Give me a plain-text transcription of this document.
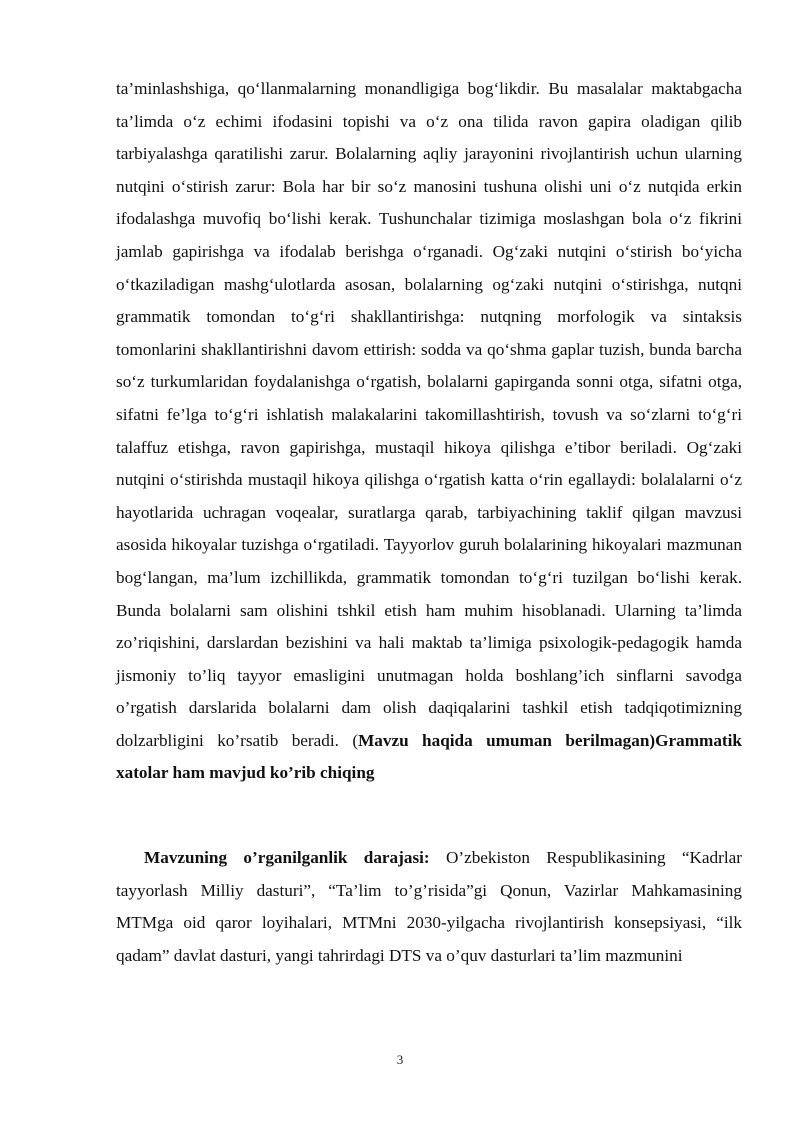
ta’minlashshiga, qo‘llanmalarning monandligiga bog‘likdir. Bu masalalar maktabgacha ta’limda o‘z echimi ifodasini topishi va o‘z ona tilida ravon gapira oladigan qilib tarbiyalashga qaratilishi zarur. Bolalarning aqliy jarayonini rivojlantirish uchun ularning nutqini o‘stirish zarur: Bola har bir so‘z manosini tushuna olishi uni o‘z nutqida erkin ifodalashga muvofiq bo‘lishi kerak. Tushunchalar tizimiga moslashgan bola o‘z fikrini jamlab gapirishga va ifodalab berishga o‘rganadi. Og‘zaki nutqini o‘stirish bo‘yicha o‘tkaziladigan mashg‘ulotlarda asosan, bolalarning og‘zaki nutqini o‘stirishga, nutqni grammatik tomondan to‘g‘ri shakllantirishga: nutqning morfologik va sintaksis tomonlarini shakllantirishni davom ettirish: sodda va qo‘shma gaplar tuzish, bunda barcha so‘z turkumlaridan foydalanishga o‘rgatish, bolalarni gapirganda sonni otga, sifatni otga, sifatni fe’lga to‘g‘ri ishlatish malakalarini takomillashtirish, tovush va so‘zlarni to‘g‘ri talaffuz etishga, ravon gapirishga, mustaqil hikoya qilishga e’tibor beriladi. Og‘zaki nutqini o‘stirishda mustaqil hikoya qilishga o‘rgatish katta o‘rin egallaydi: bolalalarni o‘z hayotlarida uchragan voqealar, suratlarga qarab, tarbiyachining taklif qilgan mavzusi asosida hikoyalar tuzishga o‘rgatiladi. Tayyorlov guruh bolalarining hikoyalari mazmunan bog‘langan, ma’lum izchillikda, grammatik tomondan to‘g‘ri tuzilgan bo‘lishi kerak. Bunda bolalarni sam olishini tshkil etish ham muhim hisoblanadi. Ularning ta’limda zo’riqishini, darslardan bezishini va hali maktab ta’limiga psixologik-pedagogik hamda jismoniy to’liq tayyor emasligini unutmagan holda boshlang’ich sinflarni savodga o’rgatish darslarida bolalarni dam olish daqiqalarini tashkil etish tadqiqotimizning dolzarbligini ko’rsatib beradi. (Mavzu haqida umuman berilmagan)Grammatik xatolar ham mavjud ko’rib chiqing

Mavzuning o’rganilganlik darajasi: O’zbekiston Respublikasining “Kadrlar tayyorlash Milliy dasturi”, “Ta’lim to’g’risida”gi Qonun, Vazirlar Mahkamasining MTMga oid qaror loyihalari, MTMni 2030-yilgacha rivojlantirish konsepsiyasi, “ilk qadam” davlat dasturi, yangi tahrirdagi DTS va o’quv dasturlari ta’lim mazmunini

3
